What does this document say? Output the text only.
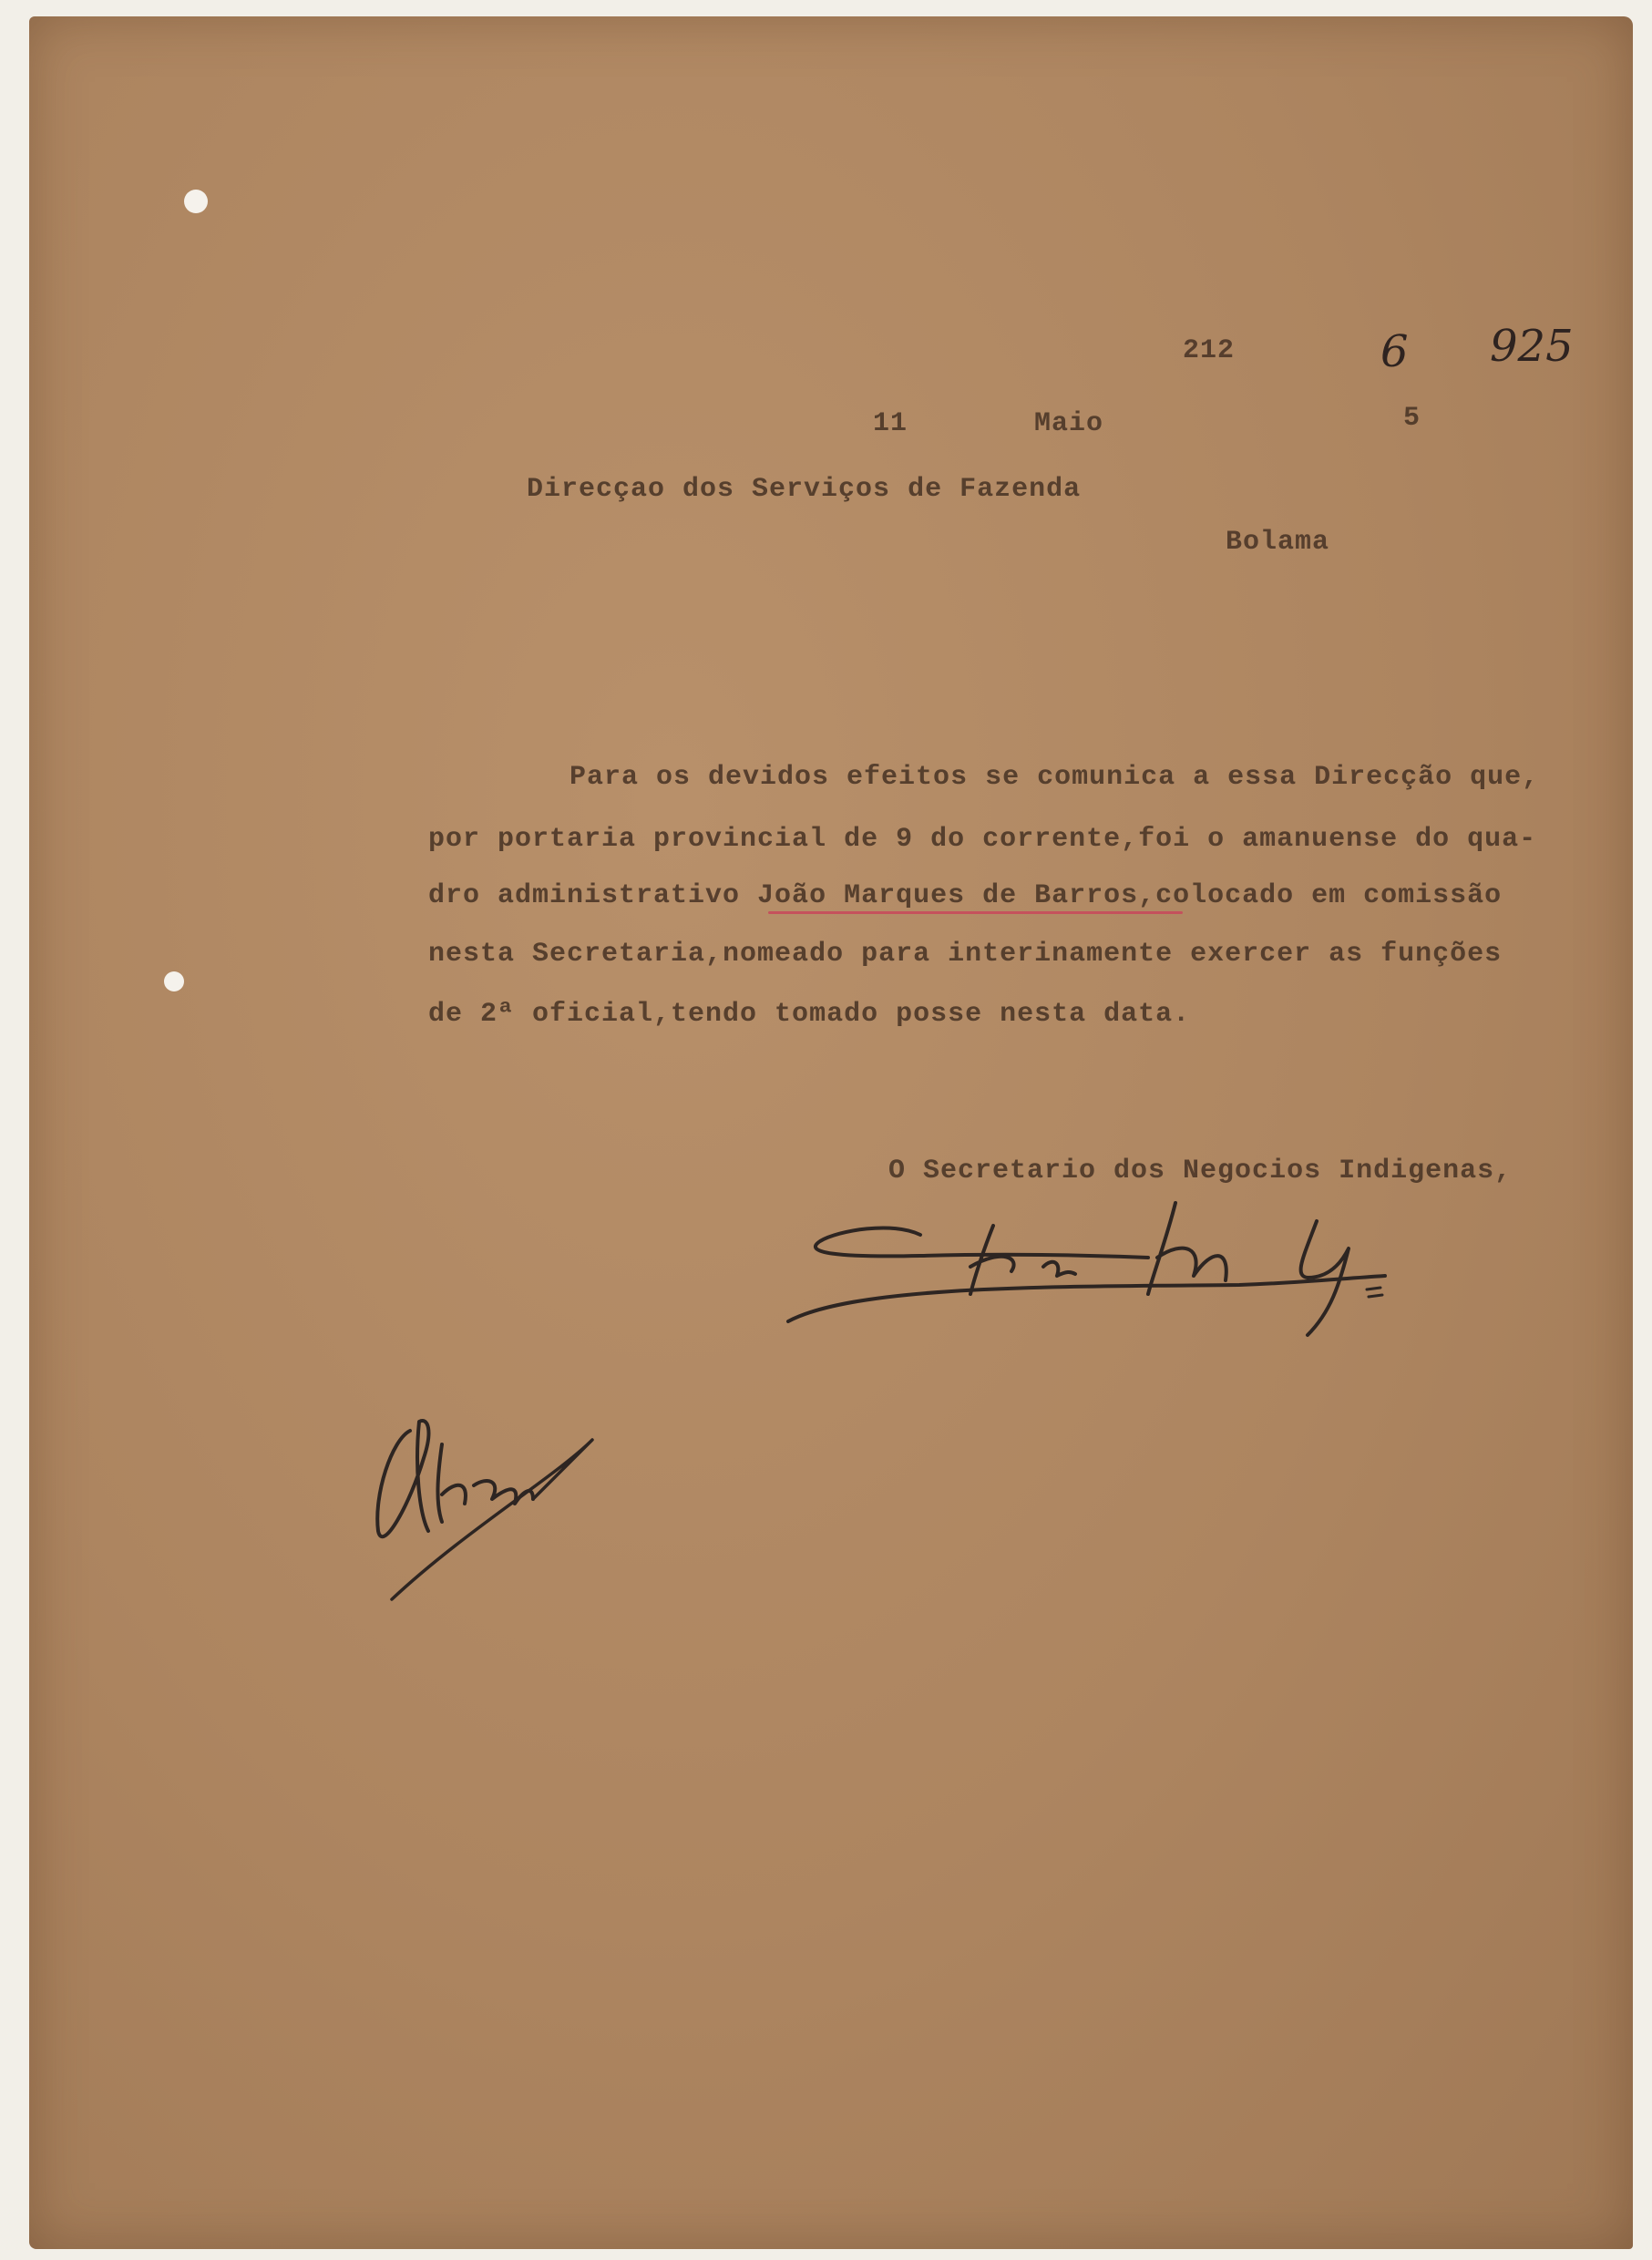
212	6 925
11	Maio	5
Direcçao dos Serviços de Fazenda
Bolama
Para os devidos efeitos se comunica a essa Direcção que,
por portaria provincial de 9 do corrente,foi o amanuense do qua-
dro administrativo João Marques de Barros,colocado em comissão
nesta Secretaria,nomeado para interinamente exercer as funções
de 2ª oficial,tendo tomado posse nesta data.
O Secretario dos Negocios Indigenas,
